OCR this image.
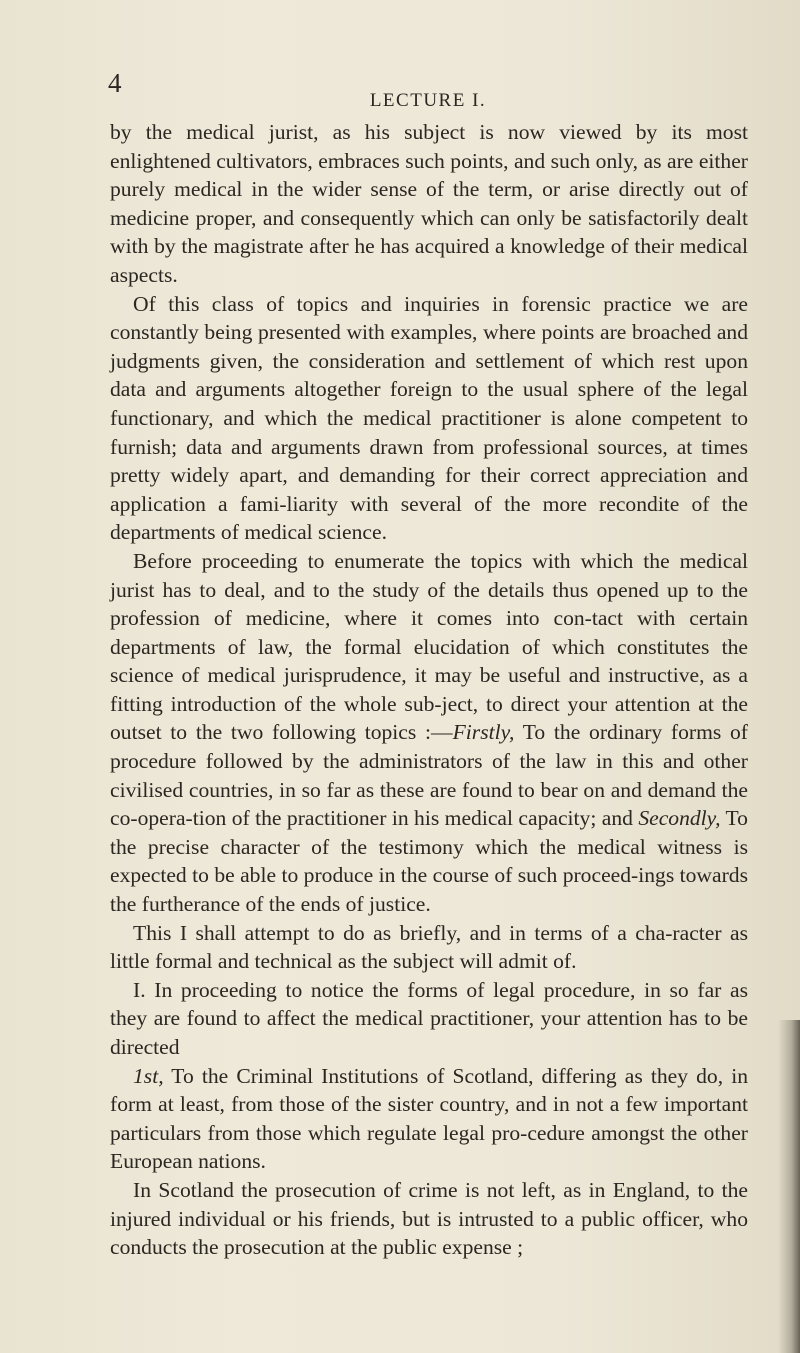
4
LECTURE I.

by the medical jurist, as his subject is now viewed by its most enlightened cultivators, embraces such points, and such only, as are either purely medical in the wider sense of the term, or arise directly out of medicine proper, and consequently which can only be satisfactorily dealt with by the magistrate after he has acquired a knowledge of their medical aspects.

Of this class of topics and inquiries in forensic practice we are constantly being presented with examples, where points are broached and judgments given, the consideration and settlement of which rest upon data and arguments altogether foreign to the usual sphere of the legal functionary, and which the medical practitioner is alone competent to furnish; data and arguments drawn from professional sources, at times pretty widely apart, and demanding for their correct appreciation and application a fami-liarity with several of the more recondite of the departments of medical science.

Before proceeding to enumerate the topics with which the medical jurist has to deal, and to the study of the details thus opened up to the profession of medicine, where it comes into con-tact with certain departments of law, the formal elucidation of which constitutes the science of medical jurisprudence, it may be useful and instructive, as a fitting introduction of the whole sub-ject, to direct your attention at the outset to the two following topics :—Firstly, To the ordinary forms of procedure followed by the administrators of the law in this and other civilised countries, in so far as these are found to bear on and demand the co-opera-tion of the practitioner in his medical capacity; and Secondly, To the precise character of the testimony which the medical witness is expected to be able to produce in the course of such proceed-ings towards the furtherance of the ends of justice.

This I shall attempt to do as briefly, and in terms of a cha-racter as little formal and technical as the subject will admit of.

I. In proceeding to notice the forms of legal procedure, in so far as they are found to affect the medical practitioner, your attention has to be directed

1st, To the Criminal Institutions of Scotland, differing as they do, in form at least, from those of the sister country, and in not a few important particulars from those which regulate legal pro-cedure amongst the other European nations.

In Scotland the prosecution of crime is not left, as in England, to the injured individual or his friends, but is intrusted to a public officer, who conducts the prosecution at the public expense ;
